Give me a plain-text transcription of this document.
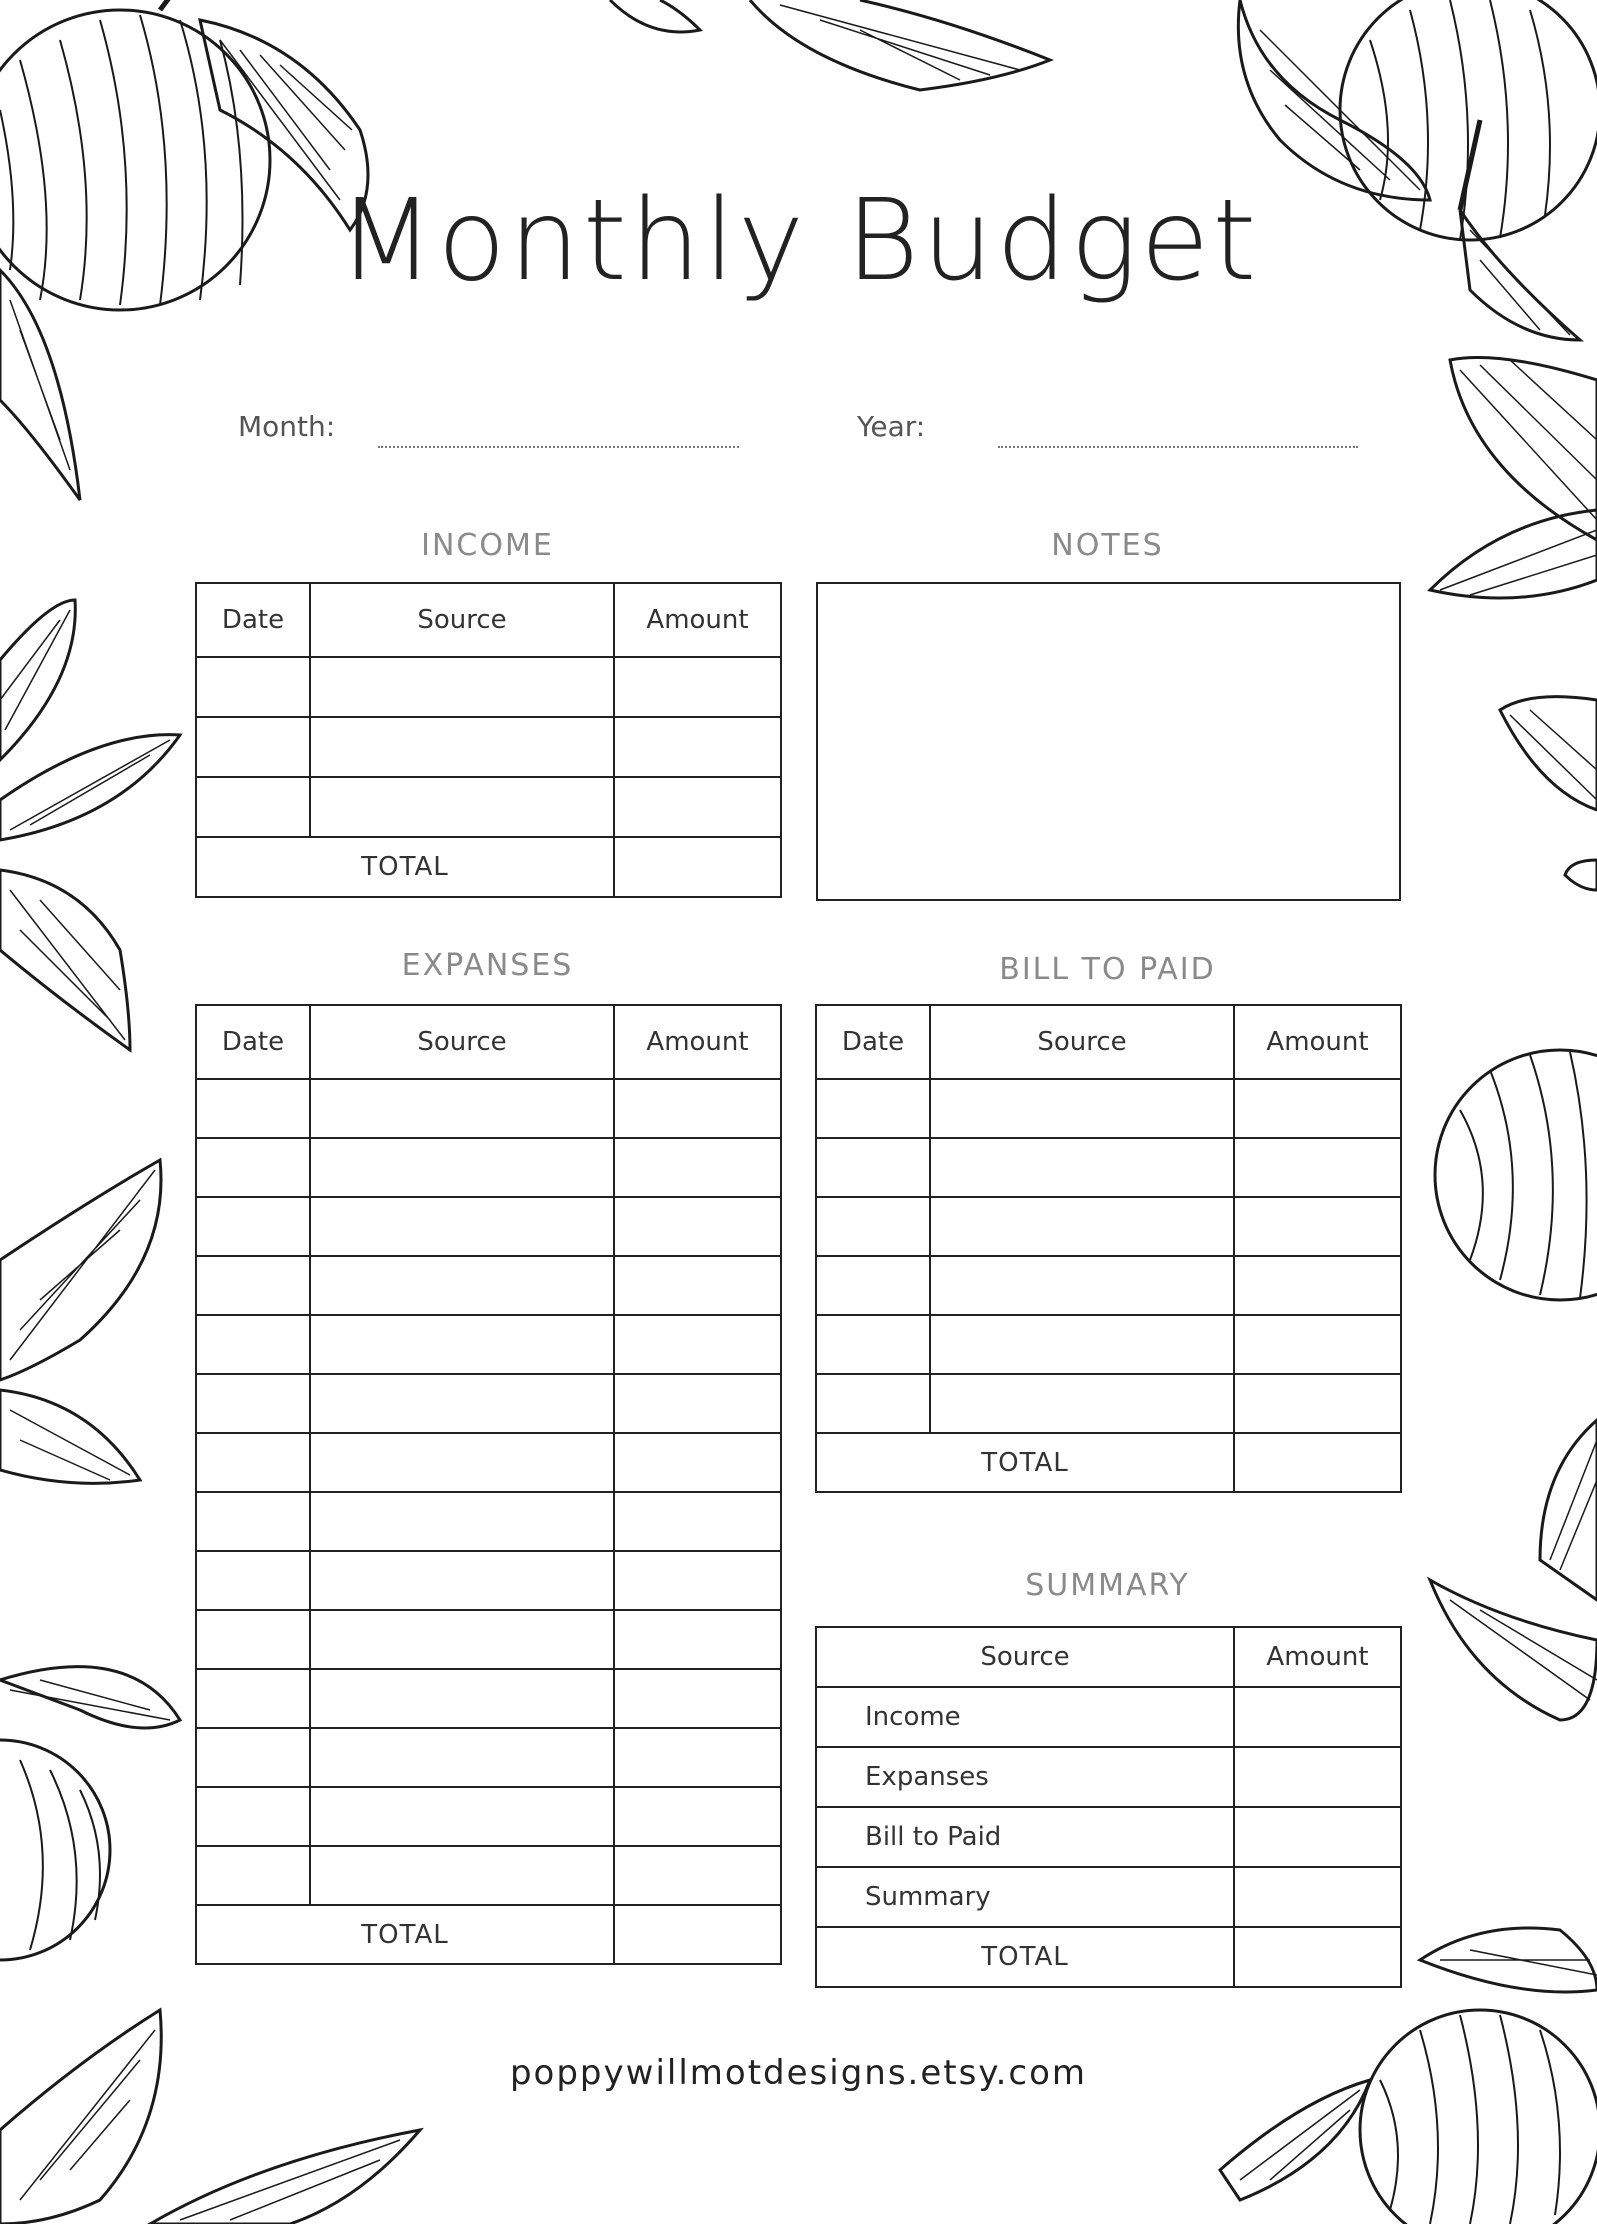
Monthly Budget
Month:	Year:
INCOME
Date	Source	Amount

TOTAL		
NOTES
EXPANSES
Date	Source	Amount

TOTAL		
BILL TO PAID
Date	Source	Amount

TOTAL		
SUMMARY
Source	Amount
Income	
Expanses	
Bill to Paid	
Summary	
TOTAL	
poppywillmotdesigns.etsy.com
